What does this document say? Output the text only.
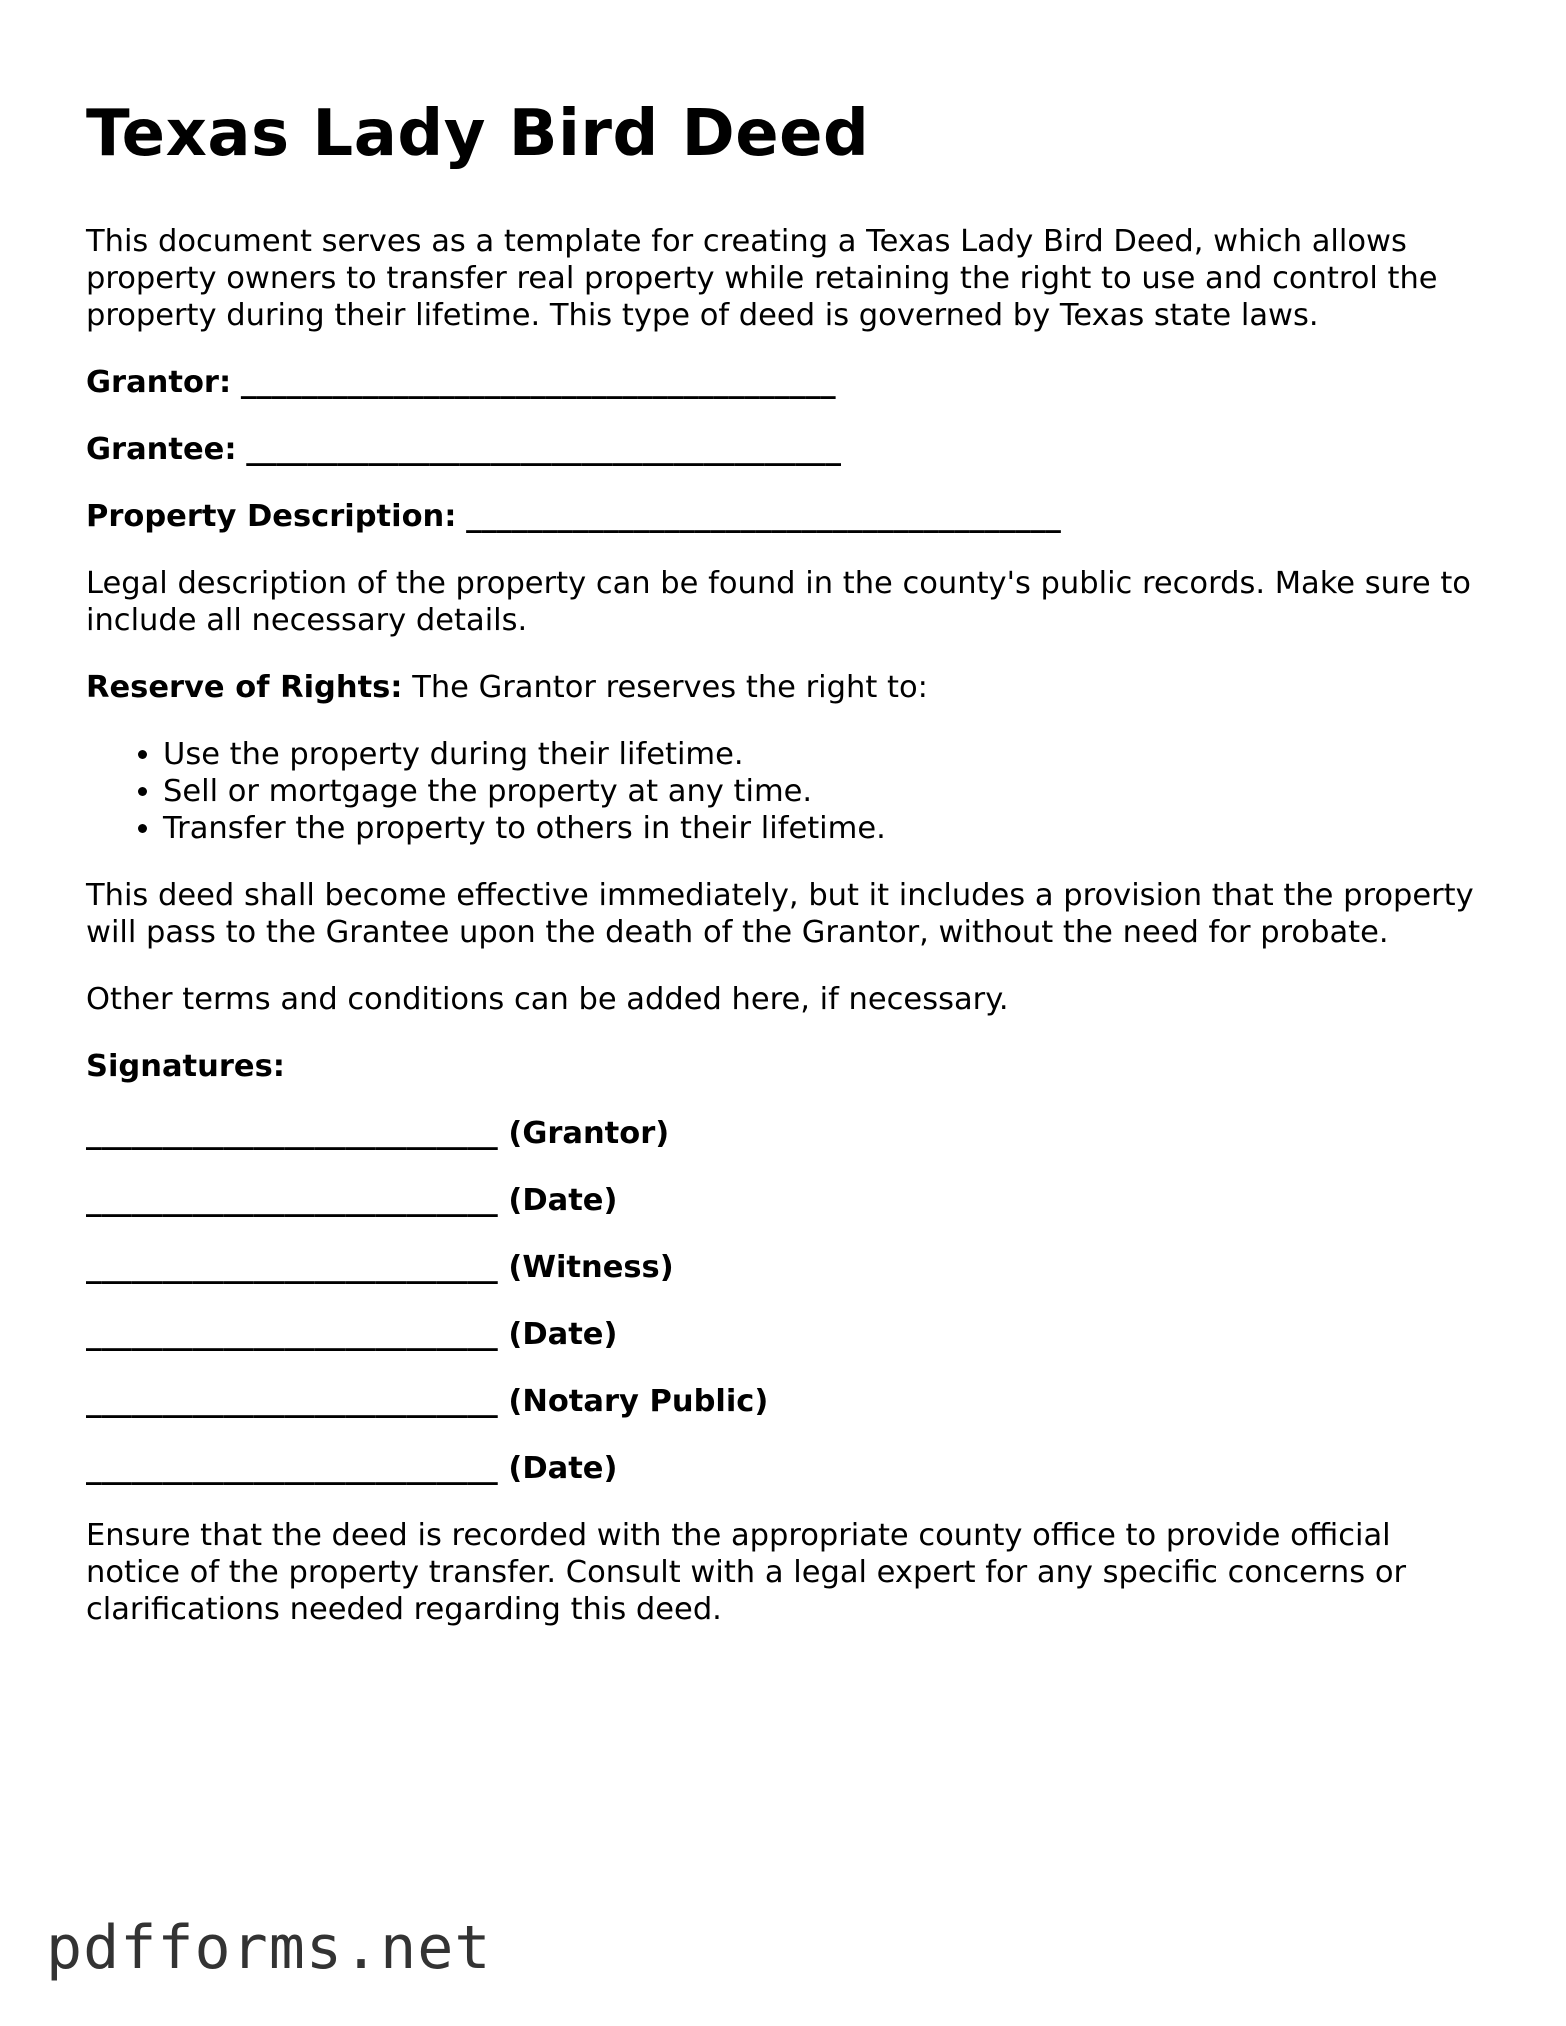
Texas Lady Bird Deed

This document serves as a template for creating a Texas Lady Bird Deed, which allows property owners to transfer real property while retaining the right to use and control the property during their lifetime. This type of deed is governed by Texas state laws.

Grantor: _______________________________________

Grantee: _______________________________________

Property Description: _______________________________________

Legal description of the property can be found in the county's public records. Make sure to include all necessary details.

Reserve of Rights: The Grantor reserves the right to:

• Use the property during their lifetime.
• Sell or mortgage the property at any time.
• Transfer the property to others in their lifetime.

This deed shall become effective immediately, but it includes a provision that the property will pass to the Grantee upon the death of the Grantor, without the need for probate.

Other terms and conditions can be added here, if necessary.

Signatures:

___________________________ (Grantor)

___________________________ (Date)

___________________________ (Witness)

___________________________ (Date)

___________________________ (Notary Public)

___________________________ (Date)

Ensure that the deed is recorded with the appropriate county office to provide official notice of the property transfer. Consult with a legal expert for any specific concerns or clarifications needed regarding this deed.

pdfforms.net
